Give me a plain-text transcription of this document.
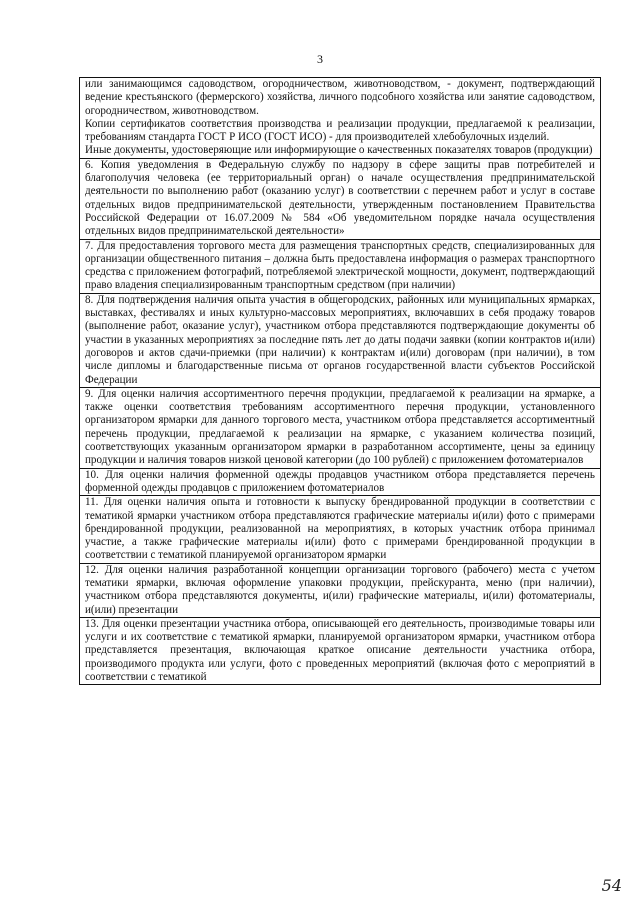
3

или занимающимся садоводством, огородничеством, животноводством, - документ, подтверждающий ведение крестьянского (фермерского) хозяйства, личного подсобного хозяйства или занятие садоводством, огородничеством, животноводством.

Копии сертификатов соответствия производства и реализации продукции, предлагаемой к реализации, требованиям стандарта ГОСТ Р ИСО (ГОСТ ИСО) - для производителей хлебобулочных изделий.

Иные документы, удостоверяющие или информирующие о качественных показателях товаров (продукции)

6. Копия уведомления в Федеральную службу по надзору в сфере защиты прав потребителей и благополучия человека (ее территориальный орган) о начале осуществления предпринимательской деятельности по выполнению работ (оказанию услуг) в соответствии с перечнем работ и услуг в составе отдельных видов предпринимательской деятельности, утвержденным постановлением Правительства Российской Федерации от 16.07.2009 № 584 «Об уведомительном порядке начала осуществления отдельных видов предпринимательской деятельности»

7. Для предоставления торгового места для размещения транспортных средств, специализированных для организации общественного питания – должна быть предоставлена информация о размерах транспортного средства с приложением фотографий, потребляемой электрической мощности, документ, подтверждающий право владения специализированным транспортным средством (при наличии)

8. Для подтверждения наличия опыта участия в общегородских, районных или муниципальных ярмарках, выставках, фестивалях и иных культурно-массовых мероприятиях, включавших в себя продажу товаров (выполнение работ, оказание услуг), участником отбора представляются подтверждающие документы об участии в указанных мероприятиях за последние пять лет до даты подачи заявки (копии контрактов и(или) договоров и актов сдачи-приемки (при наличии) к контрактам и(или) договорам (при наличии), в том числе дипломы и благодарственные письма от органов государственной власти субъектов Российской Федерации

9. Для оценки наличия ассортиментного перечня продукции, предлагаемой к реализации на ярмарке, а также оценки соответствия требованиям ассортиментного перечня продукции, установленного организатором ярмарки для данного торгового места, участником отбора представляется ассортиментный перечень продукции, предлагаемой к реализации на ярмарке, с указанием количества позиций, соответствующих указанным организатором ярмарки в разработанном ассортименте, цены за единицу продукции и наличия товаров низкой ценовой категории (до 100 рублей) с приложением фотоматериалов

10. Для оценки наличия форменной одежды продавцов участником отбора представляется перечень форменной одежды продавцов с приложением фотоматериалов

11. Для оценки наличия опыта и готовности к выпуску брендированной продукции в соответствии с тематикой ярмарки участником отбора представляются графические материалы и(или) фото с примерами брендированной продукции, реализованной на мероприятиях, в которых участник отбора принимал участие, а также графические материалы и(или) фото с примерами брендированной продукции в соответствии с тематикой планируемой организатором ярмарки

12. Для оценки наличия разработанной концепции организации торгового (рабочего) места с учетом тематики ярмарки, включая оформление упаковки продукции, прейскуранта, меню (при наличии), участником отбора представляются документы, и(или) графические материалы, и(или) фотоматериалы, и(или) презентации

13. Для оценки презентации участника отбора, описывающей его деятельность, производимые товары или услуги и их соответствие с тематикой ярмарки, планируемой организатором ярмарки, участником отбора представляется презентация, включающая краткое описание деятельности участника отбора, производимого продукта или услуги, фото с проведенных мероприятий (включая фото с мероприятий в соответствии с тематикой

54
